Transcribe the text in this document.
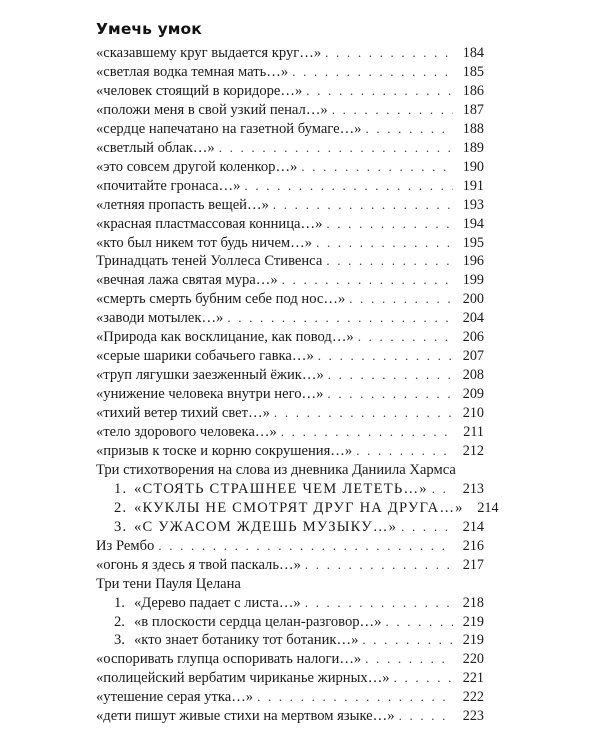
Умечь умок
«сказавшему круг выдается круг…» . . .	184
«светлая водка темная мать…» . . .	185
«человек стоящий в коридоре…» . . .	186
«положи меня в свой узкий пенал…» . . .	187
«сердце напечатано на газетной бумаге…» . . .	188
«светлый облак…» . . .	189
«это совсем другой коленкор…» . . .	190
«почитайте гронаса…» . . .	191
«летняя пропасть вещей…» . . .	193
«красная пластмассовая конница…» . . .	194
«кто был никем тот будь ничем…» . . .	195
Тринадцать теней Уоллеса Стивенса . . .	196
«вечная лажа святая мура…» . . .	199
«смерть смерть бубним себе под нос…» . . .	200
«заводи мотылек…» . . .	204
«Природа как восклицание, как повод…» . . .	206
«серые шарики собачьего гавка…» . . .	207
«труп лягушки заезженный ёжик…» . . .	208
«унижение человека внутри него…» . . .	209
«тихий ветер тихий свет…» . . .	210
«тело здорового человека…» . . .	211
«призыв к тоске и корню сокрушения…» . . .	212
Три стихотворения на слова из дневника Даниила Хармса
1. «СТОЯТЬ СТРАШНЕЕ ЧЕМ ЛЕТЕТЬ…» . . .	213
2. «КУКЛЫ НЕ СМОТРЯТ ДРУГ НА ДРУГА…» 214
3. «С УЖАСОМ ЖДЕШЬ МУЗЫКУ…» . . .	214
Из Рембо . . .	216
«огонь я здесь я твой паскаль…» . . .	217
Три тени Пауля Целана
1. «Дерево падает с листа…» . . .	218
2. «в плоскости сердца целан-разговор…» . . .	219
3. «кто знает ботанику тот ботаник…» . . .	219
«оспоривать глупца оспоривать налоги…» . . .	220
«полицейский вербатим чириканье жирных…» . . .	221
«утешение серая утка…» . . .	222
«дети пишут живые стихи на мертвом языке…» . . .	223
